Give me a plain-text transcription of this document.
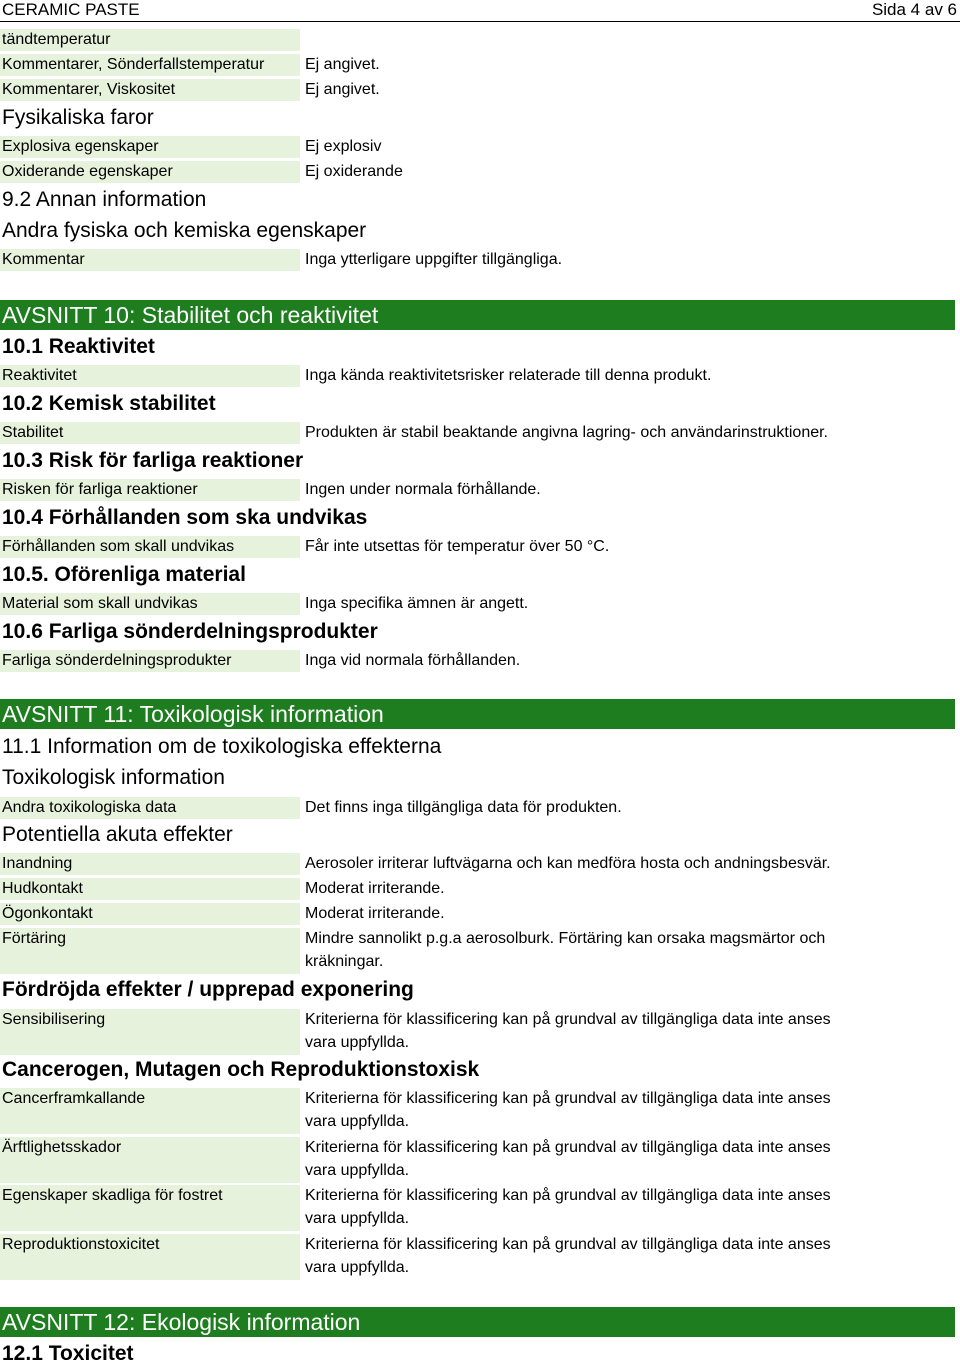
CERAMIC PASTE	Sida 4 av 6
tändtemperatur
Kommentarer, Sönderfallstemperatur	Ej angivet.
Kommentarer, Viskositet	Ej angivet.
Fysikaliska faror
Explosiva egenskaper	Ej explosiv
Oxiderande egenskaper	Ej oxiderande
9.2 Annan information
Andra fysiska och kemiska egenskaper
Kommentar	Inga ytterligare uppgifter tillgängliga.
AVSNITT 10: Stabilitet och reaktivitet
10.1 Reaktivitet
Reaktivitet	Inga kända reaktivitetsrisker relaterade till denna produkt.
10.2 Kemisk stabilitet
Stabilitet	Produkten är stabil beaktande angivna lagring- och användarinstruktioner.
10.3 Risk för farliga reaktioner
Risken för farliga reaktioner	Ingen under normala förhållande.
10.4 Förhållanden som ska undvikas
Förhållanden som skall undvikas	Får inte utsettas för temperatur över 50 °C.
10.5. Oförenliga material
Material som skall undvikas	Inga specifika ämnen är angett.
10.6 Farliga sönderdelningsprodukter
Farliga sönderdelningsprodukter	Inga vid normala förhållanden.
AVSNITT 11: Toxikologisk information
11.1 Information om de toxikologiska effekterna
Toxikologisk information
Andra toxikologiska data	Det finns inga tillgängliga data för produkten.
Potentiella akuta effekter
Inandning	Aerosoler irriterar luftvägarna och kan medföra hosta och andningsbesvär.
Hudkontakt	Moderat irriterande.
Ögonkontakt	Moderat irriterande.
Förtäring	Mindre sannolikt p.g.a aerosolburk. Förtäring kan orsaka magsmärtor och
kräkningar.
Fördröjda effekter / upprepad exponering
Sensibilisering	Kriterierna för klassificering kan på grundval av tillgängliga data inte anses
vara uppfyllda.
Cancerogen, Mutagen och Reproduktionstoxisk
Cancerframkallande	Kriterierna för klassificering kan på grundval av tillgängliga data inte anses
vara uppfyllda.
Ärftlighetsskador	Kriterierna för klassificering kan på grundval av tillgängliga data inte anses
vara uppfyllda.
Egenskaper skadliga för fostret	Kriterierna för klassificering kan på grundval av tillgängliga data inte anses
vara uppfyllda.
Reproduktionstoxicitet	Kriterierna för klassificering kan på grundval av tillgängliga data inte anses
vara uppfyllda.
AVSNITT 12: Ekologisk information
12.1 Toxicitet
